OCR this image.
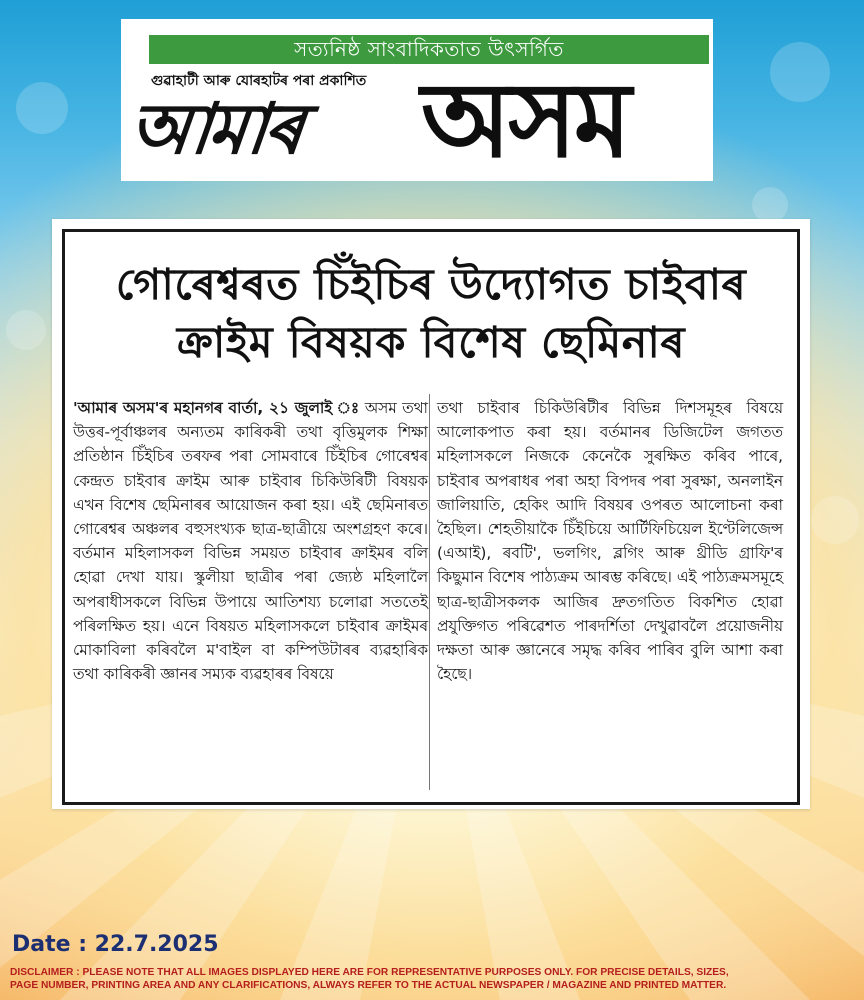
সত্যনিষ্ঠ সাংবাদিকতাত উৎসৰ্গিত
গুৱাহাটী আৰু যোৰহাটৰ পৰা প্ৰকাশিত
আমাৰ অসম
গোৰেশ্বৰত চিঁইচিৰ উদ্যোগত চাইবাৰ
ক্ৰাইম বিষয়ক বিশেষ ছেমিনাৰ
'আমাৰ অসম'ৰ মহানগৰ বাৰ্তা, ২১ জুলাই ঃ অসম তথা উত্তৰ-পূৰ্বাঞ্চলৰ অন্যতম কাৰিকৰী তথা বৃত্তিমুলক শিক্ষা প্ৰতিষ্ঠান চিঁইচিৰ তৰফৰ পৰা সোমবাৰে চিঁইচিৰ গোৰেশ্বৰ কেন্দ্ৰত চাইবাৰ ক্ৰাইম আৰু চাইবাৰ চিকিউৰিটী বিষয়ক এখন বিশেষ ছেমিনাৰৰ আয়োজন কৰা হয়। এই ছেমিনাৰত গোৰেশ্বৰ অঞ্চলৰ বহুসংখ্যক ছাত্ৰ-ছাত্ৰীয়ে অংশগ্ৰহণ কৰে। বৰ্তমান মহিলাসকল বিভিন্ন সময়ত চাইবাৰ ক্ৰাইমৰ বলি হোৱা দেখা যায়। স্কুলীয়া ছাত্ৰীৰ পৰা জ্যেষ্ঠ মহিলালৈ অপৰাধীসকলে বিভিন্ন উপায়ে আতিশয্য চলোৱা সততেই পৰিলক্ষিত হয়। এনে বিষয়ত মহিলাসকলে চাইবাৰ ক্ৰাইমৰ মোকাবিলা কৰিবলৈ ম'বাইল বা কম্পিউটাৰৰ ব্যৱহাৰিক তথা কাৰিকৰী জ্ঞানৰ সম্যক ব্যৱহাৰৰ বিষয়ে
তথা চাইবাৰ চিকিউৰিটীৰ বিভিন্ন দিশসমূহৰ বিষয়ে আলোকপাত কৰা হয়। বৰ্তমানৰ ডিজিটেল জগতত মহিলাসকলে নিজকে কেনেকৈ সুৰক্ষিত কৰিব পাৰে, চাইবাৰ অপৰাধৰ পৰা অহা বিপদৰ পৰা সুৰক্ষা, অনলাইন জালিয়াতি, হেকিং আদি বিষয়ৰ ওপৰত আলোচনা কৰা হৈছিল। শেহতীয়াকৈ চিঁইচিয়ে আৰ্টিফিচিয়েল ইণ্টেলিজেন্স (এআই), ৰবটি', ভলগিং, ব্লগিং আৰু থ্ৰীডি গ্ৰাফি'ৰ কিছুমান বিশেষ পাঠ্যক্ৰম আৰম্ভ কৰিছে। এই পাঠ্যক্ৰমসমূহে ছাত্ৰ-ছাত্ৰীসকলক আজিৰ দ্ৰুতগতিত বিকশিত হোৱা প্ৰযুক্তিগত পৰিৱেশত পাৰদৰ্শিতা দেখুৱাবলৈ প্ৰয়োজনীয় দক্ষতা আৰু জ্ঞানেৰে সমৃদ্ধ কৰিব পাৰিব বুলি আশা কৰা হৈছে।
Date : 22.7.2025
DISCLAIMER : PLEASE NOTE THAT ALL IMAGES DISPLAYED HERE ARE FOR REPRESENTATIVE PURPOSES ONLY. FOR PRECISE DETAILS, SIZES, PAGE NUMBER, PRINTING AREA AND ANY CLARIFICATIONS, ALWAYS REFER TO THE ACTUAL NEWSPAPER / MAGAZINE AND PRINTED MATTER.
